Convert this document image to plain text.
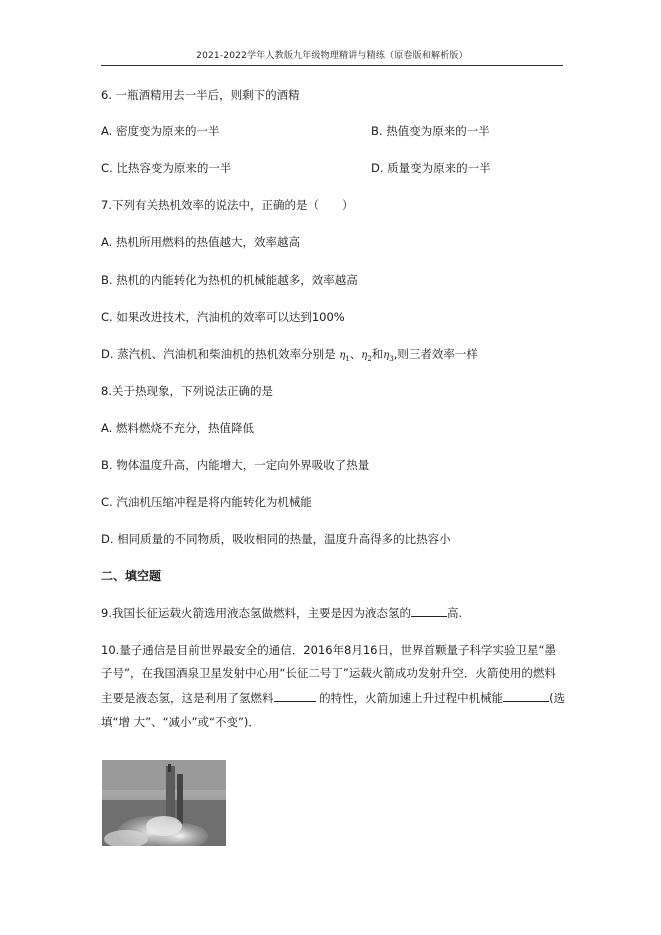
2021-2022学年人教版九年级物理精讲与精练（原卷版和解析版）
6. 一瓶酒精用去一半后，则剩下的酒精
A. 密度变为原来的一半	B. 热值变为原来的一半
C. 比热容变为原来的一半	D. 质量变为原来的一半
7.下列有关热机效率的说法中，正确的是（　　）
A. 热机所用燃料的热值越大，效率越高
B. 热机的内能转化为热机的机械能越多，效率越高
C. 如果改进技术，汽油机的效率可以达到100%
D. 蒸汽机、汽油机和柴油机的热机效率分别是 $\eta_1$、$\eta_2$和$\eta_3$,则三者效率一样
8.关于热现象，下列说法正确的是
A. 燃料燃烧不充分，热值降低
B. 物体温度升高，内能增大，一定向外界吸收了热量
C. 汽油机压缩冲程是将内能转化为机械能
D. 相同质量的不同物质，吸收相同的热量，温度升高得多的比热容小
二、填空题
9.我国长征运载火箭选用液态氢做燃料，主要是因为液态氢的	高.
10.量子通信是目前世界最安全的通信．2016年8月16日，世界首颗量子科学实验卫星“墨
子号”，在我国酒泉卫星发射中心用“长征二号丁”运载火箭成功发射升空．火箭使用的燃料
主要是液态氢，这是利用了氢燃料	的特性，火箭加速上升过程中机械能	(选
填“增 大”、“减小”或“不变”)．
